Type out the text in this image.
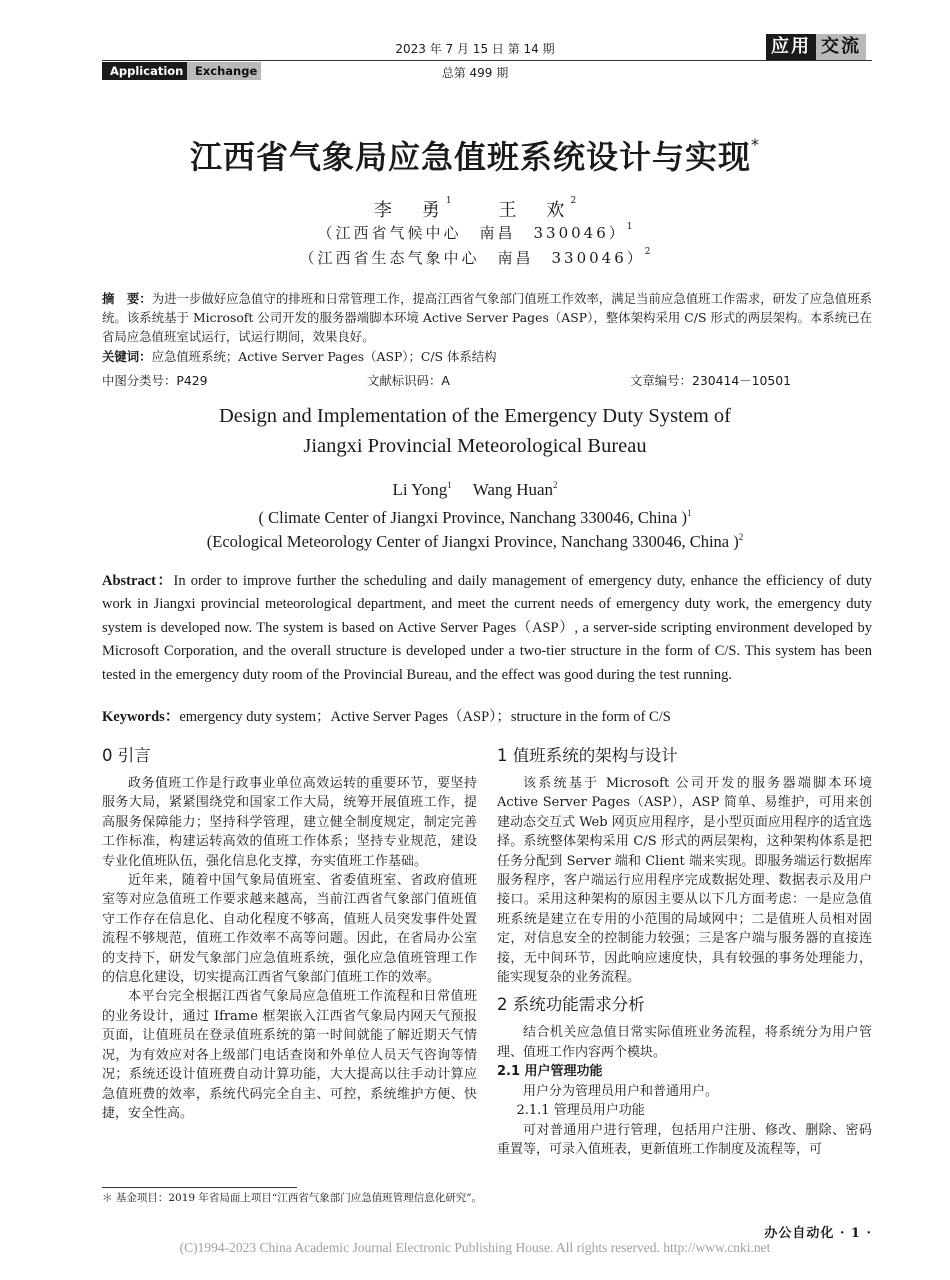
2023 年 7 月 15 日 第 14 期	应用 交流
Application	Exchange	总第 499 期
江西省气象局应急值班系统设计与实现*
李　勇$^1$	王　欢$^2$
（江西省气候中心　南昌　330046）$^1$
（江西省生态气象中心　南昌　330046）$^2$
摘　要：为进一步做好应急值守的排班和日常管理工作，提高江西省气象部门值班工作效率，满足当前应急值班工作需求，研发了应急值班系统。该系统基于 Microsoft 公司开发的服务器端脚本环境 Active Server Pages（ASP），整体架构采用 C/S 形式的两层架构。本系统已在省局应急值班室试运行，试运行期间，效果良好。
关键词：应急值班系统；Active Server Pages（ASP）；C/S 体系结构
中图分类号：P429	文献标识码：A	文章编号：230414－10501
Design and Implementation of the Emergency Duty System of
Jiangxi Provincial Meteorological Bureau
Li Yong$^1$ Wang Huan$^2$
( Climate Center of Jiangxi Province, Nanchang 330046, China )$^1$
(Ecological Meteorology Center of Jiangxi Province, Nanchang 330046, China )$^2$
Abstract：In order to improve further the scheduling and daily management of emergency duty, enhance the efficiency of duty work in Jiangxi provincial meteorological department, and meet the current needs of emergency duty work, the emergency duty system is developed now. The system is based on Active Server Pages（ASP）, a server-side scripting environment developed by Microsoft Corporation, and the overall structure is developed under a two-tier structure in the form of C/S. This system has been tested in the emergency duty room of the Provincial Bureau, and the effect was good during the test running.
Keywords：emergency duty system；Active Server Pages（ASP）；structure in the form of C/S
0 引言

政务值班工作是行政事业单位高效运转的重要环节，要坚持服务大局，紧紧围绕党和国家工作大局，统筹开展值班工作，提高服务保障能力；坚持科学管理，建立健全制度规定，制定完善工作标准，构建运转高效的值班工作体系；坚持专业规范，建设专业化值班队伍，强化信息化支撑，夯实值班工作基础。

近年来，随着中国气象局值班室、省委值班室、省政府值班室等对应急值班工作要求越来越高，当前江西省气象部门值班值守工作存在信息化、自动化程度不够高，值班人员突发事件处置流程不够规范，值班工作效率不高等问题。因此，在省局办公室的支持下，研发气象部门应急值班系统，强化应急值班管理工作的信息化建设，切实提高江西省气象部门值班工作的效率。

本平台完全根据江西省气象局应急值班工作流程和日常值班的业务设计，通过 Iframe 框架嵌入江西省气象局内网天气预报页面，让值班员在登录值班系统的第一时间就能了解近期天气情况，为有效应对各上级部门电话查岗和外单位人员天气咨询等情况；系统还设计值班费自动计算功能，大大提高以往手动计算应急值班费的效率，系统代码完全自主、可控，系统维护方便、快捷，安全性高。

1 值班系统的架构与设计

该系统基于 Microsoft 公司开发的服务器端脚本环境 Active Server Pages（ASP），ASP 简单、易维护，可用来创建动态交互式 Web 网页应用程序，是小型页面应用程序的适宜选择。系统整体架构采用 C/S 形式的两层架构，这种架构体系是把任务分配到 Server 端和 Client 端来实现。即服务端运行数据库服务程序，客户端运行应用程序完成数据处理、数据表示及用户接口。采用这种架构的原因主要从以下几方面考虑：一是应急值班系统是建立在专用的小范围的局域网中；二是值班人员相对固定，对信息安全的控制能力较强；三是客户端与服务器的直接连接，无中间环节，因此响应速度快，具有较强的事务处理能力，能实现复杂的业务流程。

2 系统功能需求分析

结合机关应急值日常实际值班业务流程，将系统分为用户管理、值班工作内容两个模块。

2.1 用户管理功能

用户分为管理员用户和普通用户。

2.1.1 管理员用户功能

可对普通用户进行管理，包括用户注册、修改、删除、密码重置等，可录入值班表，更新值班工作制度及流程等，可

＊ 基金项目：2019 年省局面上项目“江西省气象部门应急值班管理信息化研究”。
办公自动化 · 1 ·
(C)1994-2023 China Academic Journal Electronic Publishing House. All rights reserved. http://www.cnki.net
